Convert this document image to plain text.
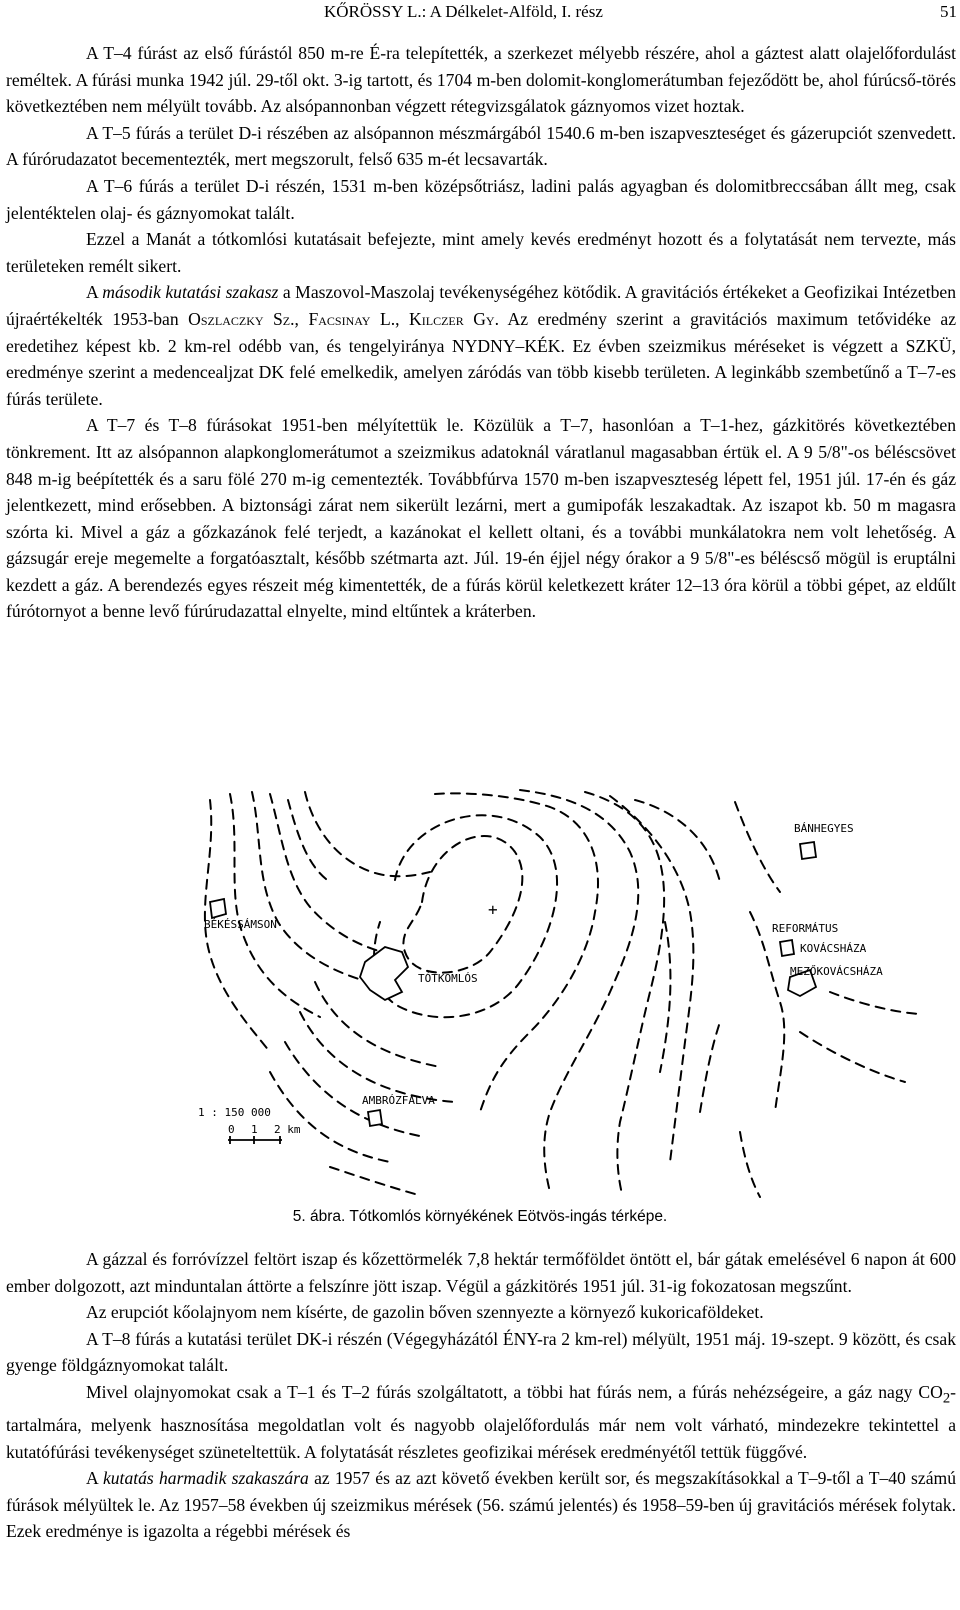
KŐRÖSSY L.: A Délkelet-Alföld, I. rész	51

A T–4 fúrást az első fúrástól 850 m-re É-ra telepítették, a szerkezet mélyebb részére, ahol a gáztest alatt olajelőfordulást reméltek. A fúrási munka 1942 júl. 29-től okt. 3-ig tartott, és 1704 m-ben dolomit-konglomerátumban fejeződött be, ahol fúrúcső-törés következtében nem mélyült tovább. Az alsópannonban végzett rétegvizsgálatok gáznyomos vizet hoztak.

A T–5 fúrás a terület D-i részében az alsópannon mészmárgából 1540.6 m-ben iszapveszteséget és gázerupciót szenvedett. A fúrórudazatot becementezték, mert megszorult, felső 635 m-ét lecsavarták.

A T–6 fúrás a terület D-i részén, 1531 m-ben középsőtriász, ladini palás agyagban és dolomitbreccsában állt meg, csak jelentéktelen olaj- és gáznyomokat talált.

Ezzel a Manát a tótkomlósi kutatásait befejezte, mint amely kevés eredményt hozott és a folytatását nem tervezte, más területeken remélt sikert.

A második kutatási szakasz a Maszovol-Maszolaj tevékenységéhez kötődik. A gravitációs értékeket a Geofizikai Intézetben újraértékelték 1953-ban Oszlaczky Sz., Facsinay L., Kilczer Gy. Az eredmény szerint a gravitációs maximum tetővidéke az eredetihez képest kb. 2 km-rel odébb van, és tengelyiránya NYDNY–KÉK. Ez évben szeizmikus méréseket is végzett a SZKÜ, eredménye szerint a medencealjzat DK felé emelkedik, amelyen záródás van több kisebb területen. A leginkább szembetűnő a T–7-es fúrás területe.

A T–7 és T–8 fúrásokat 1951-ben mélyítettük le. Közülük a T–7, hasonlóan a T–1-hez, gázkitörés következtében tönkrement. Itt az alsópannon alapkonglomerátumot a szeizmikus adatoknál váratlanul magasabban értük el. A 9 5/8"-os béléscsövet 848 m-ig beépítették és a saru fölé 270 m-ig cementezték. Továbbfúrva 1570 m-ben iszapveszteség lépett fel, 1951 júl. 17-én és gáz jelentkezett, mind erősebben. A biztonsági zárat nem sikerült lezárni, mert a gumipofák leszakadtak. Az iszapot kb. 50 m magasra szórta ki. Mivel a gáz a gőzkazánok felé terjedt, a kazánokat el kellett oltani, és a további munkálatokra nem volt lehetőség. A gázsugár ereje megemelte a forgatóasztalt, később szétmarta azt. Júl. 19-én éjjel négy órakor a 9 5/8"-es béléscső mögül is eruptálni kezdett a gáz. A berendezés egyes részeit még kimentették, de a fúrás körül keletkezett kráter 12–13 óra körül a többi gépet, az eldűlt fúrótornyot a benne levő fúrúrudazattal elnyelte, mind eltűntek a kráterben.

BÁNHEGYES
BÉKÉSSÁMSON
TÓTKOMLÓS
REFORMÁTUS
KOVÁCSHÁZA
MEZŐKOVÁCSHÁZA
AMBRÓZFALVA
1 : 150 000
0 1 2 km
+
5. ábra. Tótkomlós környékének Eötvös-ingás térképe.

A gázzal és forróvízzel feltört iszap és kőzettörmelék 7,8 hektár termőföldet öntött el, bár gátak emelésével 6 napon át 600 ember dolgozott, azt minduntalan áttörte a felszínre jött iszap. Végül a gázkitörés 1951 júl. 31-ig fokozatosan megszűnt.

Az erupciót kőolajnyom nem kísérte, de gazolin bőven szennyezte a környező kukoricaföldeket.

A T–8 fúrás a kutatási terület DK-i részén (Végegyházától ÉNY-ra 2 km-rel) mélyült, 1951 máj. 19-szept. 9 között, és csak gyenge földgáznyomokat talált.

Mivel olajnyomokat csak a T–1 és T–2 fúrás szolgáltatott, a többi hat fúrás nem, a fúrás nehézségeire, a gáz nagy $CO_2$-tartalmára, melyenk hasznosítása megoldatlan volt és nagyobb olajelőfordulás már nem volt várható, mindezekre tekintettel a kutatófúrási tevékenységet szüneteltettük. A folytatását részletes geofizikai mérések eredményétől tettük függővé.

A kutatás harmadik szakaszára az 1957 és az azt követő években került sor, és megszakításokkal a T–9-től a T–40 számú fúrások mélyültek le. Az 1957–58 években új szeizmikus mérések (56. számú jelentés) és 1958–59-ben új gravitációs mérések folytak. Ezek eredménye is igazolta a régebbi mérések és
